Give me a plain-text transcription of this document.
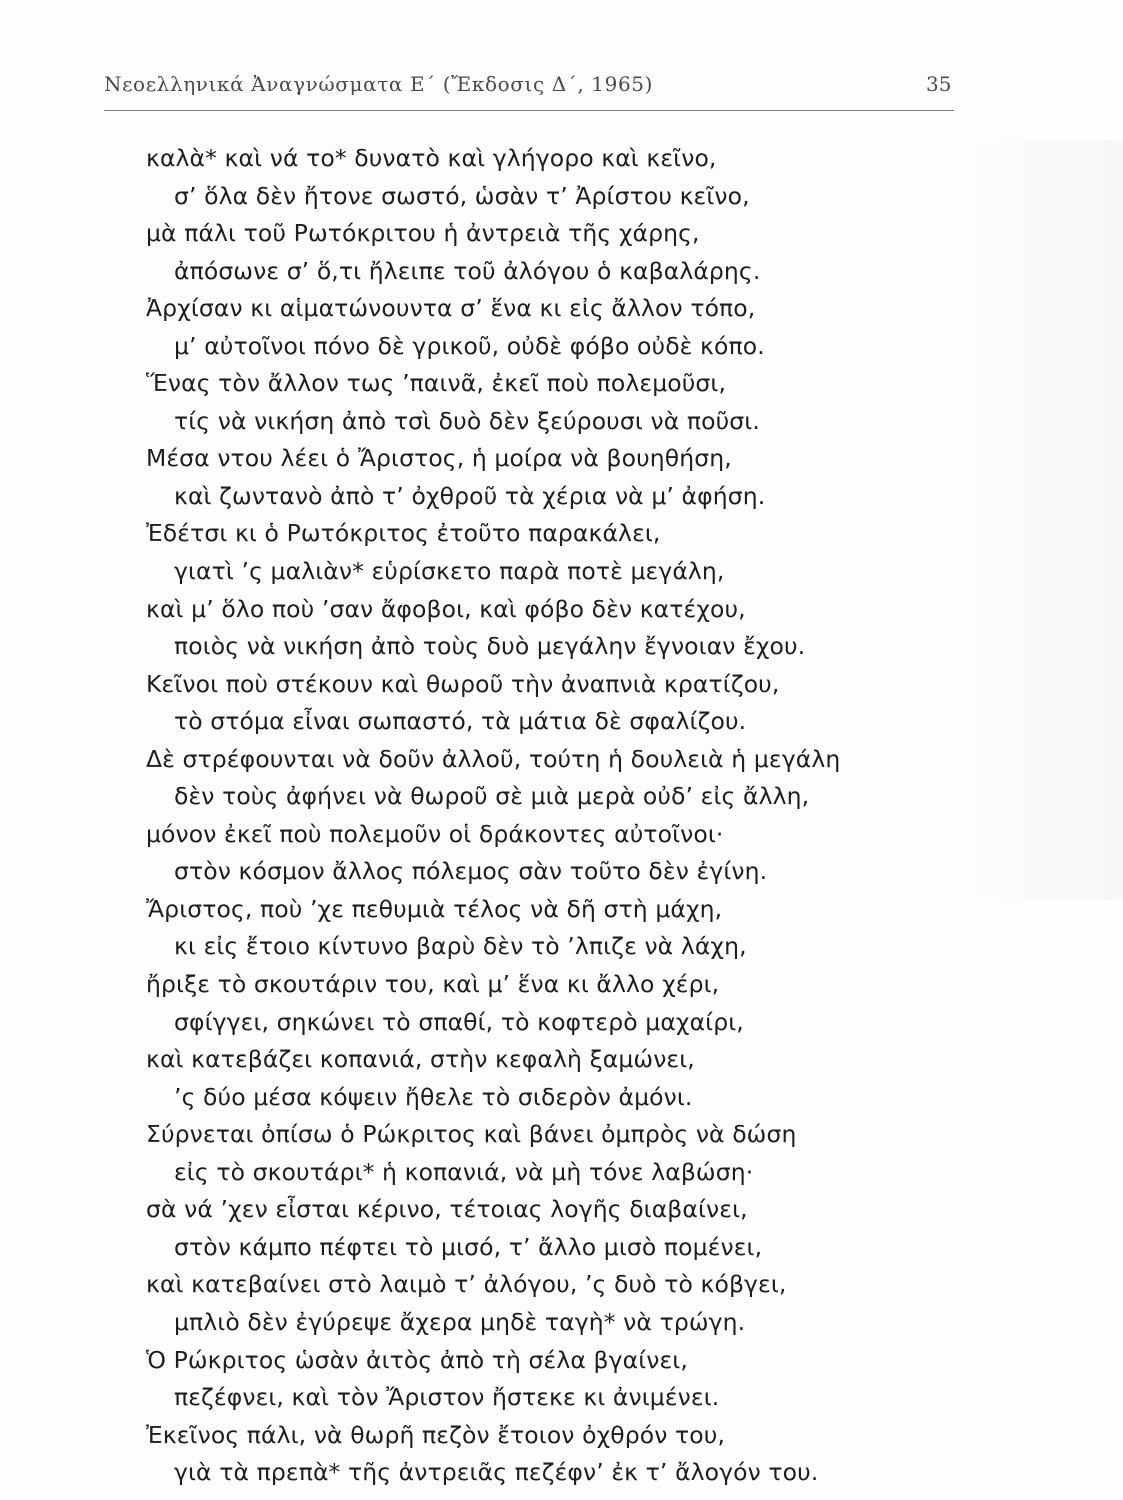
Νεοελληνικά Ἀναγνώσματα Ε΄ (Ἔκδοσις Δ΄, 1965)	35
καλὰ* καὶ νά το* δυνατὸ καὶ γλήγορο καὶ κεῖνο,
σ’ ὅλα δὲν ἤτονε σωστό, ὡσὰν τ’ Ἀρίστου κεῖνο,
μὰ πάλι τοῦ Ρωτόκριτου ἡ ἀντρειὰ τῆς χάρης,
ἀπόσωνε σ’ ὅ,τι ἤλειπε τοῦ ἀλόγου ὁ καβαλάρης.
Ἀρχίσαν κι αἱματώνουντα σ’ ἕνα κι εἰς ἄλλον τόπο,
μ’ αὐτοῖνοι πόνο δὲ γρικοῦ, οὐδὲ φόβο οὐδὲ κόπο.
Ἕνας τὸν ἄλλον τως ’παινᾶ, ἐκεῖ ποὺ πολεμοῦσι,
τίς νὰ νικήση ἀπὸ τσὶ δυὸ δὲν ξεύρουσι νὰ ποῦσι.
Μέσα ντου λέει ὁ Ἄριστος, ἡ μοίρα νὰ βουηθήση,
καὶ ζωντανὸ ἀπὸ τ’ ὀχθροῦ τὰ χέρια νὰ μ’ ἀφήση.
Ἐδέτσι κι ὁ Ρωτόκριτος ἐτοῦτο παρακάλει,
γιατὶ ’ς μαλιὰν* εὑρίσκετο παρὰ ποτὲ μεγάλη,
καὶ μ’ ὅλο ποὺ ’σαν ἄφοβοι, καὶ φόβο δὲν κατέχου,
ποιὸς νὰ νικήση ἀπὸ τοὺς δυὸ μεγάλην ἔγνοιαν ἔχου.
Κεῖνοι ποὺ στέκουν καὶ θωροῦ τὴν ἀναπνιὰ κρατίζου,
τὸ στόμα εἶναι σωπαστό, τὰ μάτια δὲ σφαλίζου.
Δὲ στρέφουνται νὰ δοῦν ἀλλοῦ, τούτη ἡ δουλειὰ ἡ μεγάλη
δὲν τοὺς ἀφήνει νὰ θωροῦ σὲ μιὰ μερὰ οὐδ’ εἰς ἄλλη,
μόνον ἐκεῖ ποὺ πολεμοῦν οἱ δράκοντες αὐτοῖνοι·
στὸν κόσμον ἄλλος πόλεμος σὰν τοῦτο δὲν ἐγίνη.
Ἄριστος, ποὺ ’χε πεθυμιὰ τέλος νὰ δῆ στὴ μάχη,
κι εἰς ἔτοιο κίντυνο βαρὺ δὲν τὸ ’λπιζε νὰ λάχη,
ἤριξε τὸ σκουτάριν του, καὶ μ’ ἕνα κι ἄλλο χέρι,
σφίγγει, σηκώνει τὸ σπαθί, τὸ κοφτερὸ μαχαίρι,
καὶ κατεβάζει κοπανιά, στὴν κεφαλὴ ξαμώνει,
’ς δύο μέσα κόψειν ἤθελε τὸ σιδερὸν ἀμόνι.
Σύρνεται ὀπίσω ὁ Ρώκριτος καὶ βάνει ὀμπρὸς νὰ δώση
εἰς τὸ σκουτάρι* ἡ κοπανιά, νὰ μὴ τόνε λαβώση·
σὰ νά ’χεν εἶσται κέρινο, τέτοιας λογῆς διαβαίνει,
στὸν κάμπο πέφτει τὸ μισό, τ’ ἄλλο μισὸ πομένει,
καὶ κατεβαίνει στὸ λαιμὸ τ’ ἀλόγου, ’ς δυὸ τὸ κόβγει,
μπλιὸ δὲν ἐγύρεψε ἄχερα μηδὲ ταγὴ* νὰ τρώγη.
Ὁ Ρώκριτος ὡσὰν ἀιτὸς ἀπὸ τὴ σέλα βγαίνει,
πεζέφνει, καὶ τὸν Ἄριστον ἤστεκε κι ἀνιμένει.
Ἐκεῖνος πάλι, νὰ θωρῆ πεζὸν ἔτοιον ὀχθρόν του,
γιὰ τὰ πρεπὰ* τῆς ἀντρειᾶς πεζέφν’ ἐκ τ’ ἄλογόν του.
